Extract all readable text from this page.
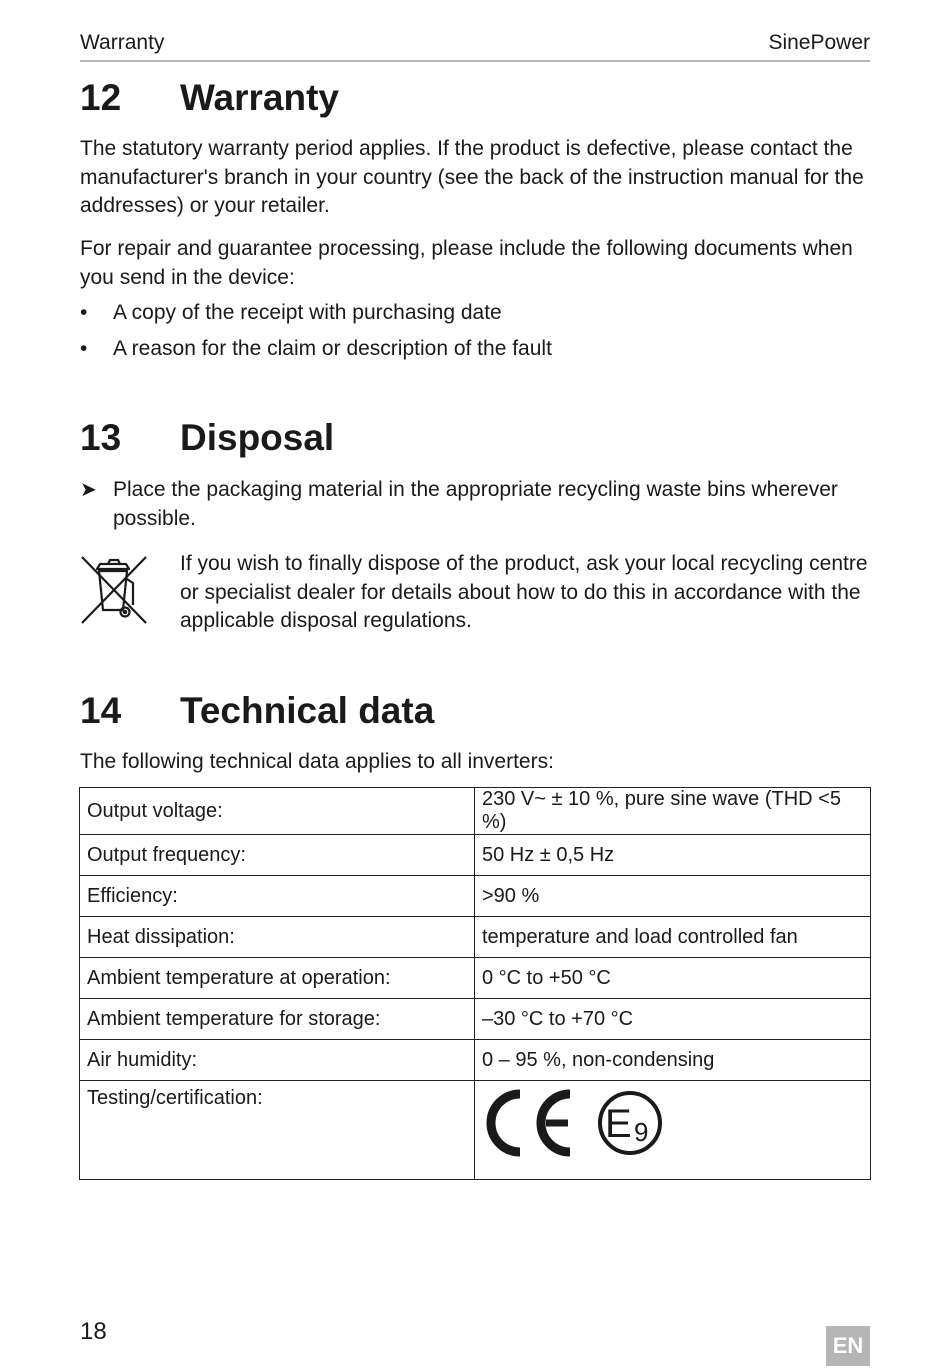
Warranty	SinePower
12 Warranty

The statutory warranty period applies. If the product is defective, please contact the manufacturer's branch in your country (see the back of the instruction manual for the addresses) or your retailer.

For repair and guarantee processing, please include the following documents when you send in the device:

• A copy of the receipt with purchasing date
• A reason for the claim or description of the fault
13 Disposal
➤ Place the packaging material in the appropriate recycling waste bins wherever possible.

If you wish to finally dispose of the product, ask your local recycling centre or specialist dealer for details about how to do this in accordance with the applicable disposal regulations.

14 Technical data

The following technical data applies to all inverters:

Output voltage:	230 V~ ± 10 %, pure sine wave (THD <5 %)
Output frequency:	50 Hz ± 0,5 Hz
Efficiency:	>90 %
Heat dissipation:	temperature and load controlled fan
Ambient temperature at operation:	0 °C to +50 °C
Ambient temperature for storage:	–30 °C to +70 °C
Air humidity:	0 – 95 %, non-condensing
Testing/certification:	E 9
18
EN
